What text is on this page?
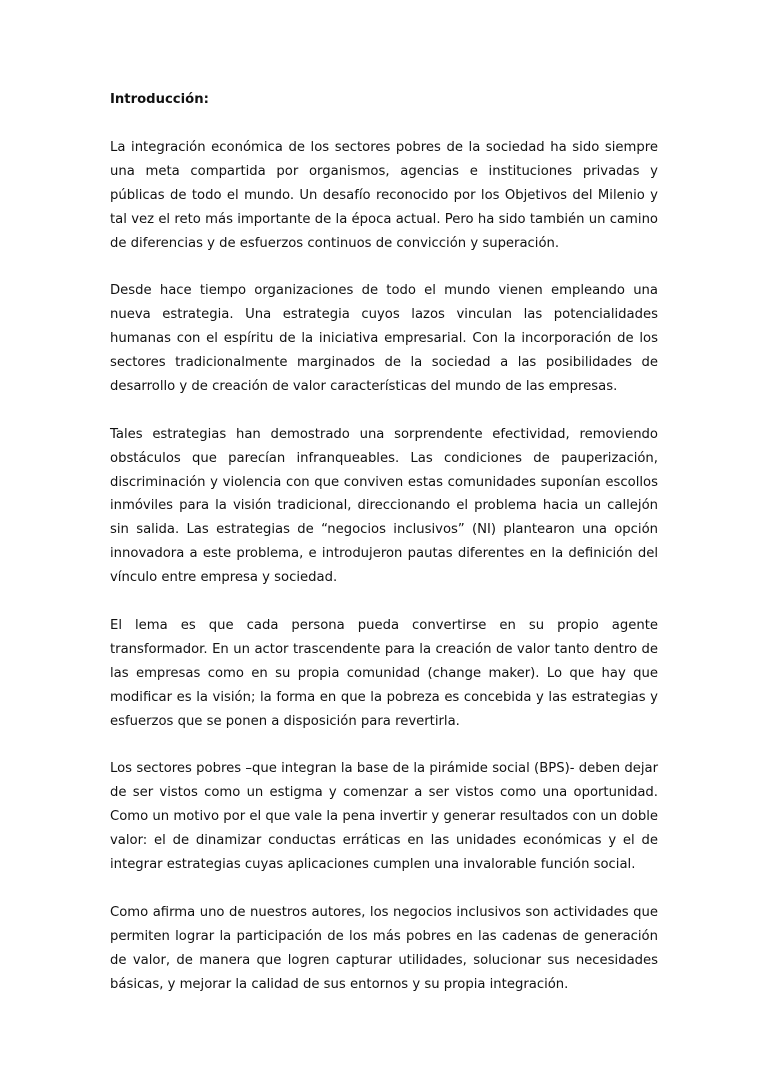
Introducción:

La integración económica de los sectores pobres de la sociedad ha sido siempre una meta compartida por organismos, agencias e instituciones privadas y públicas de todo el mundo. Un desafío reconocido por los Objetivos del Milenio y tal vez el reto más importante de la época actual. Pero ha sido también un camino de diferencias y de esfuerzos continuos de convicción y superación.

Desde hace tiempo organizaciones de todo el mundo vienen empleando una nueva estrategia. Una estrategia cuyos lazos vinculan las potencialidades humanas con el espíritu de la iniciativa empresarial. Con la incorporación de los sectores tradicionalmente marginados de la sociedad a las posibilidades de desarrollo y de creación de valor características del mundo de las empresas.

Tales estrategias han demostrado una sorprendente efectividad, removiendo obstáculos que parecían infranqueables. Las condiciones de pauperización, discriminación y violencia con que conviven estas comunidades suponían escollos inmóviles para la visión tradicional, direccionando el problema hacia un callejón sin salida. Las estrategias de “negocios inclusivos” (NI) plantearon una opción innovadora a este problema, e introdujeron pautas diferentes en la definición del vínculo entre empresa y sociedad.

El lema es que cada persona pueda convertirse en su propio agente transformador. En un actor trascendente para la creación de valor tanto dentro de las empresas como en su propia comunidad (change maker). Lo que hay que modificar es la visión; la forma en que la pobreza es concebida y las estrategias y esfuerzos que se ponen a disposición para revertirla.

Los sectores pobres –que integran la base de la pirámide social (BPS)- deben dejar de ser vistos como un estigma y comenzar a ser vistos como una oportunidad. Como un motivo por el que vale la pena invertir y generar resultados con un doble valor: el de dinamizar conductas erráticas en las unidades económicas y el de integrar estrategias cuyas aplicaciones cumplen una invalorable función social.

Como afirma uno de nuestros autores, los negocios inclusivos son actividades que permiten lograr la participación de los más pobres en las cadenas de generación de valor, de manera que logren capturar utilidades, solucionar sus necesidades básicas, y mejorar la calidad de sus entornos y su propia integración.
